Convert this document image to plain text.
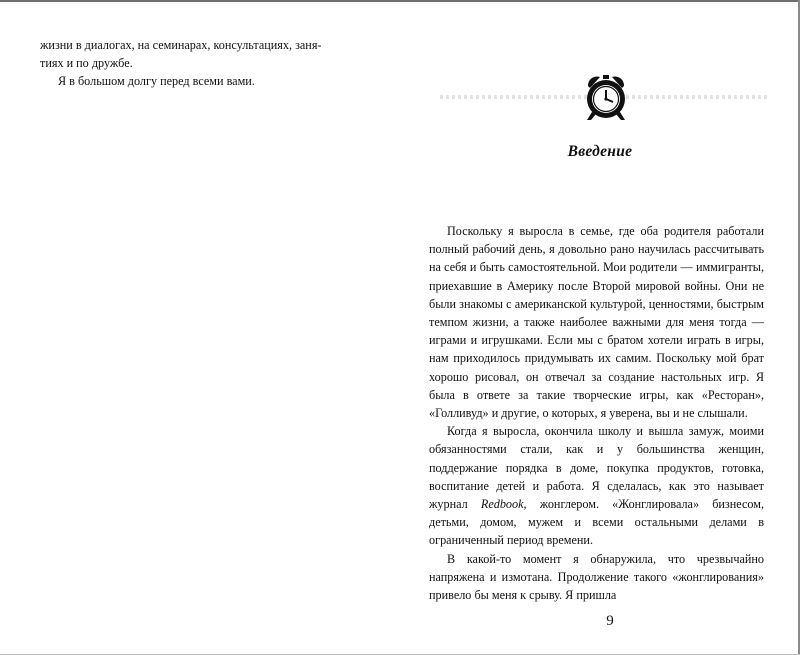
жизни в диалогах, на семинарах, консультациях, заня-

тиях и по дружбе.

Я в большом долгу перед всеми вами.

Введение

Поскольку я выросла в семье, где оба родителя работали полный рабочий день, я довольно рано научилась рассчитывать на себя и быть самостоятельной. Мои родители — иммигранты, приехавшие в Америку после Второй мировой войны. Они не были знакомы с американской культурой, ценностями, быстрым темпом жизни, а также наиболее важными для меня тогда — играми и игрушками. Если мы с братом хотели играть в игры, нам приходилось придумывать их самим. Поскольку мой брат хорошо рисовал, он отвечал за создание настольных игр. Я была в ответе за такие творческие игры, как «Ресторан», «Голливуд» и другие, о которых, я уверена, вы и не слышали.

Когда я выросла, окончила школу и вышла замуж, моими обязанностями стали, как и у большинства женщин, поддержание порядка в доме, покупка продуктов, готовка, воспитание детей и работа. Я сделалась, как это называет журнал Redbook, жонглером. «Жонглировала» бизнесом, детьми, домом, мужем и всеми остальными делами в ограниченный период времени.

В какой-то момент я обнаружила, что чрезвычайно напряжена и измотана. Продолжение такого «жонглирования» привело бы меня к срыву. Я пришла

9
